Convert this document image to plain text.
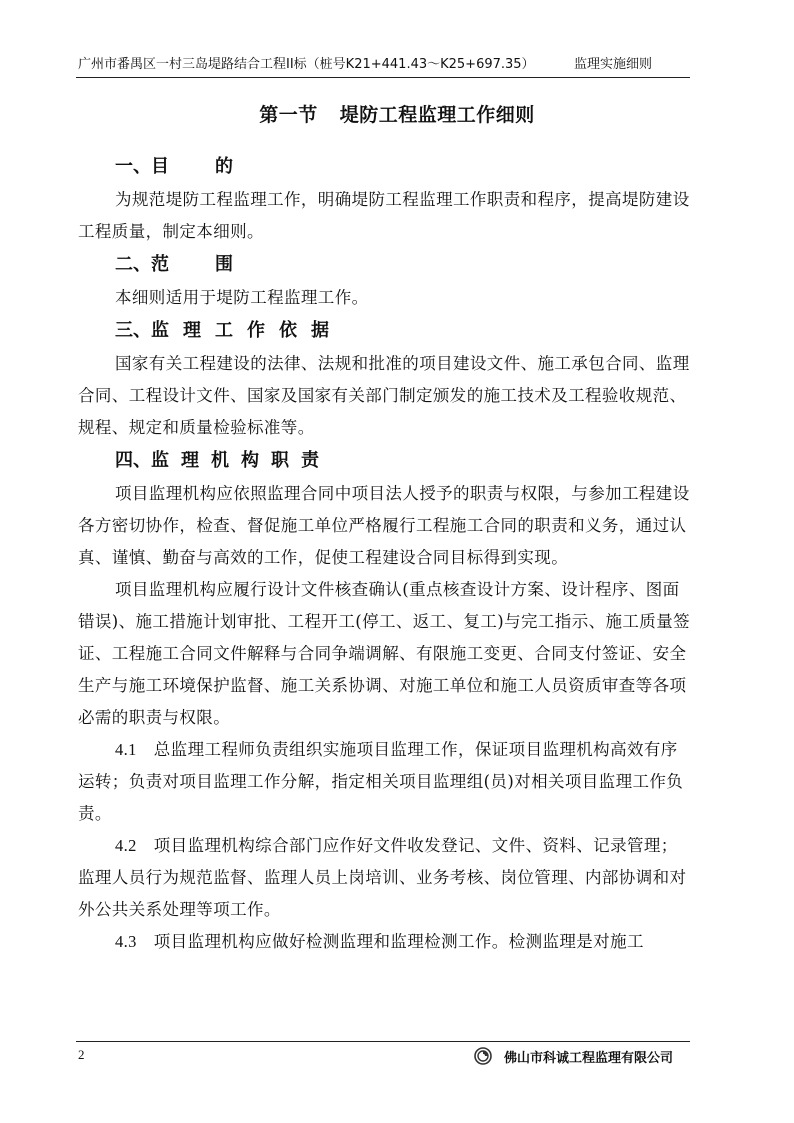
广州市番禺区一村三岛堤路结合工程II标（桩号K21+441.43～K25+697.35）	监理实施细则
第一节 堤防工程监理工作细则
一、目的

为规范堤防工程监理工作，明确堤防工程监理工作职责和程序，提高堤防建设工程质量，制定本细则。

二、范围

本细则适用于堤防工程监理工作。

三、监理工作依据

国家有关工程建设的法律、法规和批准的项目建设文件、施工承包合同、监理合同、工程设计文件、国家及国家有关部门制定颁发的施工技术及工程验收规范、规程、规定和质量检验标准等。

四、监理机构职责

项目监理机构应依照监理合同中项目法人授予的职责与权限，与参加工程建设各方密切协作，检查、督促施工单位严格履行工程施工合同的职责和义务，通过认真、谨慎、勤奋与高效的工作，促使工程建设合同目标得到实现。

项目监理机构应履行设计文件核查确认(重点核查设计方案、设计程序、图面错误)、施工措施计划审批、工程开工(停工、返工、复工)与完工指示、施工质量签证、工程施工合同文件解释与合同争端调解、有限施工变更、合同支付签证、安全生产与施工环境保护监督、施工关系协调、对施工单位和施工人员资质审查等各项必需的职责与权限。

4.1 总监理工程师负责组织实施项目监理工作，保证项目监理机构高效有序运转；负责对项目监理工作分解，指定相关项目监理组(员)对相关项目监理工作负责。

4.2 项目监理机构综合部门应作好文件收发登记、文件、资料、记录管理；监理人员行为规范监督、监理人员上岗培训、业务考核、岗位管理、内部协调和对外公共关系处理等项工作。

4.3 项目监理机构应做好检测监理和监理检测工作。检测监理是对施工

2	佛山市科诚工程监理有限公司
